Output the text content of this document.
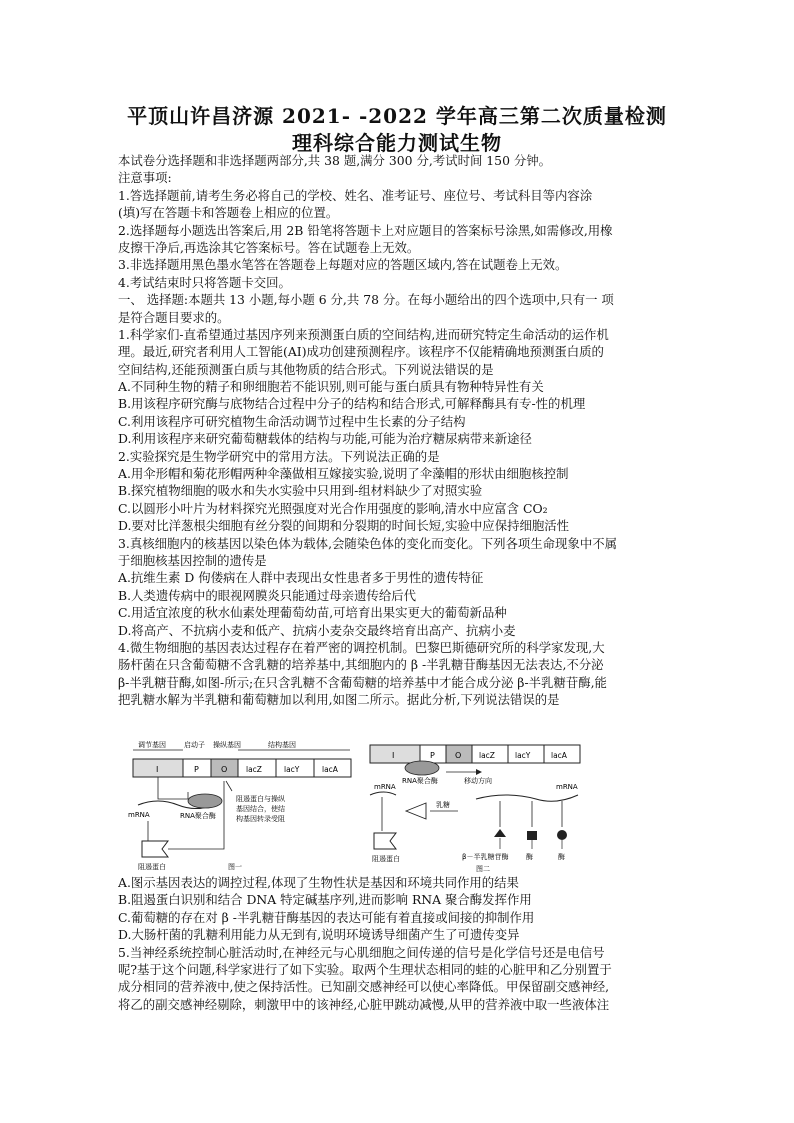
平顶山许昌济源 2021- -2022 学年高三第二次质量检测
理科综合能力测试生物
本试卷分选择题和非选择题两部分,共 38 题,满分 300 分,考试时间 150 分钟。
注意事项:
1.答选择题前,请考生务必将自己的学校、姓名、准考证号、座位号、考试科目等内容涂
(填)写在答题卡和答题卷上相应的位置。
2.选择题每小题选出答案后,用 2B 铅笔将答题卡上对应题目的答案标号涂黑,如需修改,用橡
皮擦干净后,再选涂其它答案标号。答在试题卷上无效。
3.非选择题用黑色墨水笔答在答题卷上每题对应的答题区域内,答在试题卷上无效。
4.考试结束时只将答题卡交回。
一、 选择题:本题共 13 小题,每小题 6 分,共 78 分。在每小题给出的四个选项中,只有一 项
是符合题目要求的。
1.科学家们-直希望通过基因序列来预测蛋白质的空间结构,进而研究特定生命活动的运作机
理。最近,研究者利用人工智能(AI)成功创建预测程序。该程序不仅能精确地预测蛋白质的
空间结构,还能预测蛋白质与其他物质的结合形式。下列说法错误的是
A.不同种生物的精子和卵细胞若不能识别,则可能与蛋白质具有物种特异性有关
B.用该程序研究酶与底物结合过程中分子的结构和结合形式,可解释酶具有专-性的机理
C.利用该程序可研究植物生命活动调节过程中生长素的分子结构
D.利用该程序来研究葡萄糖载体的结构与功能,可能为治疗糖尿病带来新途径
2.实验探究是生物学研究中的常用方法。下列说法正确的是
A.用伞形帽和菊花形帽两种伞藻做相互嫁接实验,说明了伞藻帽的形状由细胞核控制
B.探究植物细胞的吸水和失水实验中只用到-组材料缺少了对照实验
C.以圆形小叶片为材料探究光照强度对光合作用强度的影响,清水中应富含 CO₂
D.要对比洋葱根尖细胞有丝分裂的间期和分裂期的时间长短,实验中应保持细胞活性
3.真核细胞内的核基因以染色体为载体,会随染色体的变化而变化。下列各项生命现象中不属
于细胞核基因控制的遗传是
A.抗维生素 D 佝偻病在人群中表现出女性患者多于男性的遗传特征
B.人类遗传病中的眼视网膜炎只能通过母亲遗传给后代
C.用适宜浓度的秋水仙素处理葡萄幼苗,可培育出果实更大的葡萄新品种
D.将高产、不抗病小麦和低产、抗病小麦杂交最终培育出高产、抗病小麦
4.微生物细胞的基因表达过程存在着严密的调控机制。巴黎巴斯德研究所的科学家发现,大
肠杆菌在只含葡萄糖不含乳糖的培养基中,其细胞内的 β -半乳糖苷酶基因无法表达,不分泌
β-半乳糖苷酶,如图-所示;在只含乳糖不含葡萄糖的培养基中才能合成分泌 β-半乳糖苷酶,能
把乳糖水解为半乳糖和葡萄糖加以利用,如图二所示。据此分析,下列说法错误的是
调节基因	启动子 操纵基因	结构基因
I	P	O lacZ	lacY	lacA
mRNA	RNA聚合酶
阻遏蛋白
阻遏蛋白与操纵
基因结合，使结
构基因转录受阻
图一
I	P	O lacZ	lacY	lacA
RNA聚合酶	移动方向
mRNA	mRNA
乳糖
阻遏蛋白	β－半乳糖苷酶	酶	酶
图二
A.图示基因表达的调控过程,体现了生物性状是基因和环境共同作用的结果
B.阻遏蛋白识别和结合 DNA 特定碱基序列,进而影响 RNA 聚合酶发挥作用
C.葡萄糖的存在对 β -半乳糖苷酶基因的表达可能有着直接或间接的抑制作用
D.大肠杆菌的乳糖利用能力从无到有,说明环境诱导细菌产生了可遗传变异
5.当神经系统控制心脏活动时,在神经元与心肌细胞之间传递的信号是化学信号还是电信号
呢?基于这个问题,科学家进行了如下实验。取两个生理状态相同的蛙的心脏甲和乙分别置于
成分相同的营养液中,使之保持活性。已知副交感神经可以使心率降低。甲保留副交感神经,
将乙的副交感神经剔除，刺激甲中的该神经,心脏甲跳动减慢,从甲的营养液中取一些液体注
